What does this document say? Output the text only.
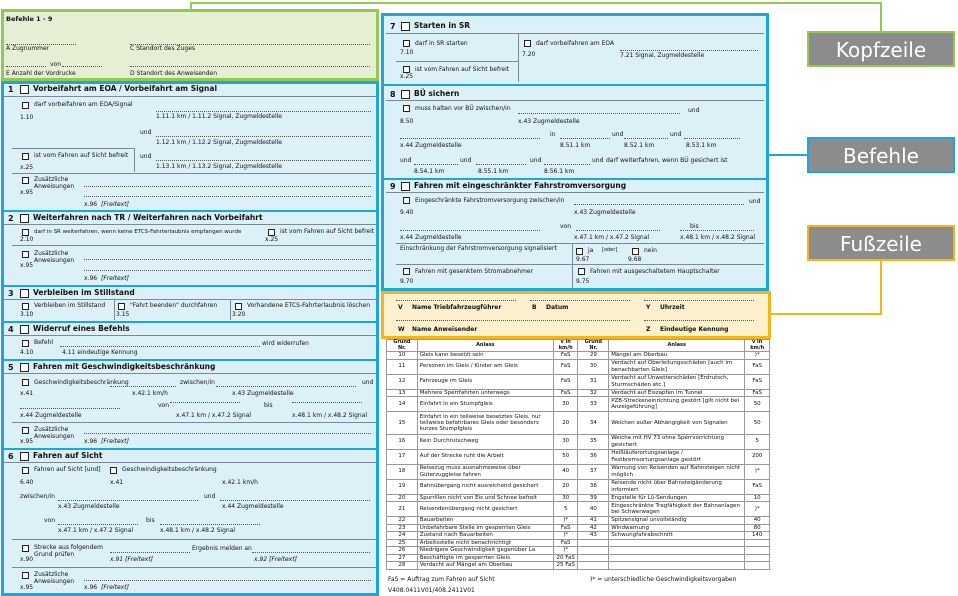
Befehle 1 - 9
A Zugnummer	C Standort des Zuges
von
E Anzahl der Vordrucke	D Standort des Anweisenden
1	Vorbeifahrt am EOA / Vorbeifahrt am Signal
darf vorbeifahren am EOA/Signal
1.10	1.11.1 km / 1.11.2 Signal, Zugmeldestelle
und
1.12.1 km / 1.12.2 Signal, Zugmeldestelle
ist vom Fahren auf Sicht befreit
x.25
und
1.13.1 km / 1.13.2 Signal, Zugmeldestelle
Zusätzliche
Anweisungen
x.95
x.96 [Freitext]
2	Weiterfahren nach TR / Weiterfahren nach Vorbeifahrt
darf in SR weiterfahren, wenn keine ETCS-Fahrterlaubnis empfangen wurde
2.10
ist vom Fahren auf Sicht befreit
x.25
Zusätzliche
Anweisungen
x.95
x.96 [Freitext]
3	Verbleiben im Stillstand
Verbleiben im Stillstand
3.10
"Fahrt beenden" durchfahren
3.15
Vorhandene ETCS-Fahrterlaubnis löschen
3.20
4	Widerruf eines Befehls
Befehl	wird widerrufen
4.10	4.11 eindeutige Kennung
5	Fahren mit Geschwindigkeitsbeschränkung
Geschwindigkeitsbeschränkung	zwischen/in	und
x.41	x.42.1 km/h	x.43 Zugmeldestelle
von	bis
x.44 Zugmeldestelle	x.47.1 km / x.47.2 Signal	x.48.1 km / x.48.2 Signal
Zusätzliche
Anweisungen
x.95	x.96 [Freitext]
6	Fahren auf Sicht
Fahren auf Sicht [und]	Geschwindigkeitsbeschränkung
6.40	x.41	x.42.1 km/h
zwischen/in	und
x.43 Zugmeldestelle	x.44 Zugmeldestelle
von	bis
x.47.1 km / x.47.2 Signal	x.48.1 km / x.48.2 Signal
Strecke aus folgendem Grund prüfen
Ergebnis melden an
x.90	x.91 [Freitext]	x.92 [Freitext]
Zusätzliche
Anweisungen
x.95	x.96 [Freitext]
7 Starten in SR
darf in SR starten
7.10
darf vorbeifahren am EOA
7.20	7.21 Signal, Zugmeldestelle
ist vom Fahren auf Sicht befreit
x.25
8 BÜ sichern
muss halten vor BÜ zwischen/in	und
8.50	x.43 Zugmeldestelle
in	und	und
x.44 Zugmeldestelle	8.51.1 km	8.52.1 km	8.53.1 km
und	und	und	und darf weiterfahren, wenn BÜ gesichert ist
8.54.1 km	8.55.1 km	8.56.1 km
9 Fahren mit eingeschränkter Fahrstromversorgung
Eingeschränkte Fahrstromversorgung zwischen/in	und
9.40	x.43 Zugmeldestelle
von	bis
x.44 Zugmeldestelle	x.47.1 km / x.47.2 Signal	x.48.1 km / x.48.2 Signal
Einschränkung der Fahrstromversorgung signalisiert	ja [oder]	nein
9.67	9.68
Fahren mit gesenktem Stromabnehmer
9.70
Fahren mit ausgeschaltetem Hauptschalter
9.75
V Name Triebfahrzeugführer	B Datum	Y Uhrzeit
W Name Anweisender	Z Eindeutige Kennung
Grund Nr.	Anlass	v in km/h	Grund Nr.	Anlass	v in km/h
10	Gleis kann besetzt sein	FaS	29	Mängel am Oberbau	)*
11	Personen im Gleis / Kinder am Gleis	FaS	30	Verdacht auf Oberleitungsschäden [auch im benachbarten Gleis]	FaS
12	Fahrzeuge im Gleis	FaS	31	Verdacht auf Unwetterschäden [Erdrutsch, Sturmschäden etc.]	FaS
13	Mehrere Sperrfahrten unterwegs	FaS	32	Verdacht auf Eiszapfen im Tunnel	FaS
14	Einfahrt in ein Stumpfgleis	30	33	PZB-Streckeneinrichtung gestört [gilt nicht bei Anzeigeführung]	50
15	Einfahrt in ein teilweise besetztes Gleis, nur teilweise befahrbares Gleis oder besonders kurzes Stumpfgleis	20	34	Weichen außer Abhängigkeit von Signalen	50
16	Kein Durchrutschweg	30	35	Weiche mit HV 73 ohne Sperrvorrichtung gesichert	5
17	Auf der Strecke ruht die Arbeit	50	36	Heißläuferortungsanlage / Festbremsortungsanlage gestört	200
18	Reisezug muss ausnahmsweise über Güterzuggleise fahren	40	37	Warnung von Reisenden auf Bahnsteigen nicht möglich	)*
19	Bahnübergang nicht ausreichend gesichert	20	38	Reisende nicht über Bahnsteigänderung informiert	FaS
20	Spurrillen nicht von Eis und Schnee befreit	30	39	Engstelle für Lü-Sendungen	10
21	Reisendenübergang nicht gesichert	5	40	Eingeschränkte Tragfähigkeit der Bahnanlagen bei Schwerwagen	)*
22	Bauarbeiten	)*	41	Spitzensignal unvollständig	40
23	Unbefahrbare Stelle im gesperrten Gleis	FaS	42	Windwarnung	80
24	Zustand nach Bauarbeiten	)*	43	Schwungfahrabschnitt	140
25	Arbeitsstelle nicht benachrichtigt	FaS			
26	Niedrigere Geschwindigkeit gegenüber La	)*			
27	Beschäftigte im gesperrten Gleis	20 FaS			
28	Verdacht auf Mängel am Oberbau	25 FaS			
FaS = Auftrag zum Fahren auf Sicht	)* = unterschiedliche Geschwindigkeitsvorgaben
V408.0411V01/408.2411V01
Kopfzeile
Befehle
Fußzeile
